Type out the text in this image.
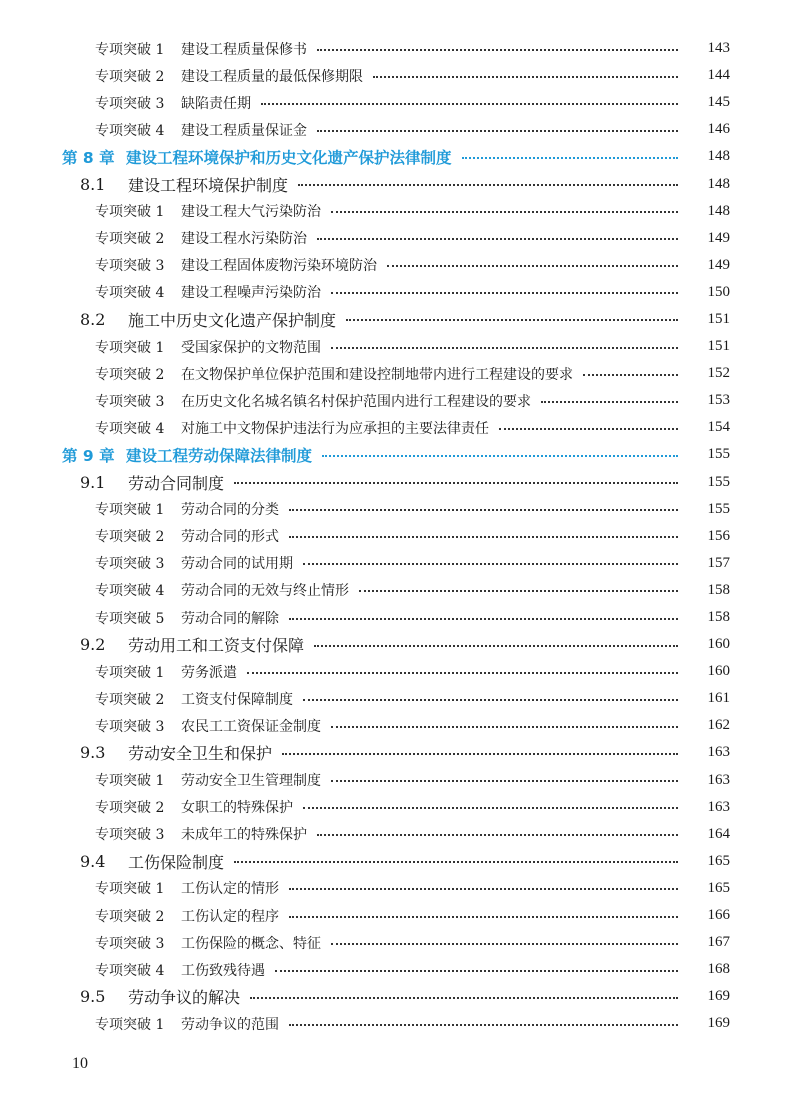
专项突破 1	建设工程质量保修书	143
专项突破 2	建设工程质量的最低保修期限	144
专项突破 3	缺陷责任期	145
专项突破 4	建设工程质量保证金	146
第 8 章 建设工程环境保护和历史文化遗产保护法律制度	148
8.1	建设工程环境保护制度	148
专项突破 1	建设工程大气污染防治	148
专项突破 2	建设工程水污染防治	149
专项突破 3	建设工程固体废物污染环境防治	149
专项突破 4	建设工程噪声污染防治	150
8.2	施工中历史文化遗产保护制度	151
专项突破 1	受国家保护的文物范围	151
专项突破 2	在文物保护单位保护范围和建设控制地带内进行工程建设的要求	152
专项突破 3	在历史文化名城名镇名村保护范围内进行工程建设的要求	153
专项突破 4	对施工中文物保护违法行为应承担的主要法律责任	154
第 9 章 建设工程劳动保障法律制度	155
9.1	劳动合同制度	155
专项突破 1	劳动合同的分类	155
专项突破 2	劳动合同的形式	156
专项突破 3	劳动合同的试用期	157
专项突破 4	劳动合同的无效与终止情形	158
专项突破 5	劳动合同的解除	158
9.2	劳动用工和工资支付保障	160
专项突破 1	劳务派遣	160
专项突破 2	工资支付保障制度	161
专项突破 3	农民工工资保证金制度	162
9.3	劳动安全卫生和保护	163
专项突破 1	劳动安全卫生管理制度	163
专项突破 2	女职工的特殊保护	163
专项突破 3	未成年工的特殊保护	164
9.4	工伤保险制度	165
专项突破 1	工伤认定的情形	165
专项突破 2	工伤认定的程序	166
专项突破 3	工伤保险的概念、特征	167
专项突破 4	工伤致残待遇	168
9.5	劳动争议的解决	169
专项突破 1	劳动争议的范围	169
10
